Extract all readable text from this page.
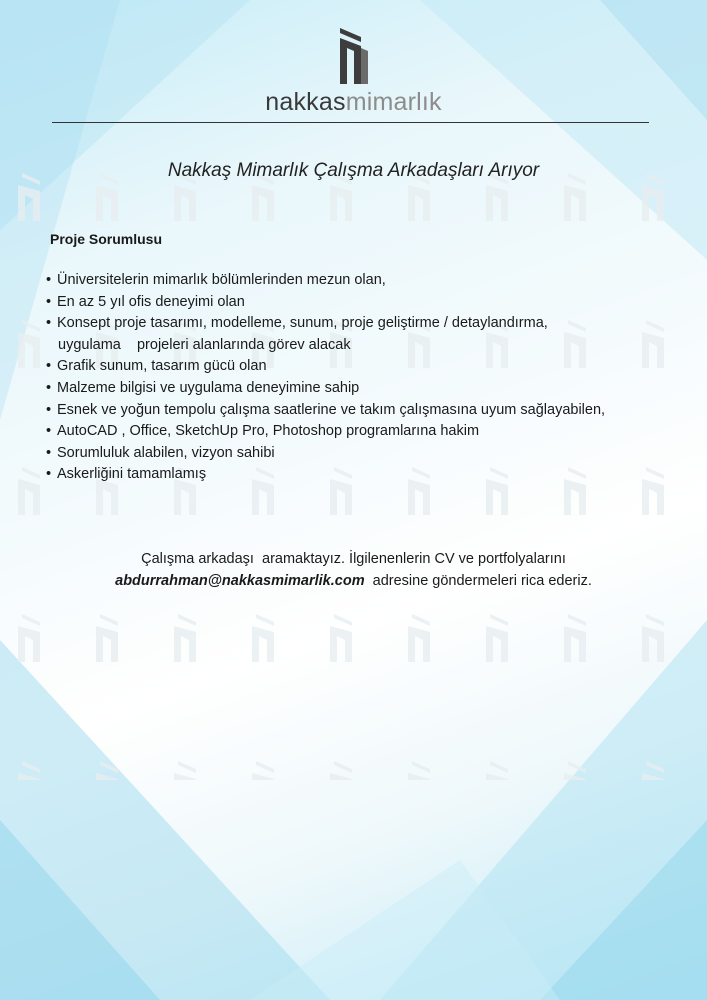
nakkasmimarlık
Nakkaş Mimarlık Çalışma Arkadaşları Arıyor
Proje Sorumlusu
• Üniversitelerin mimarlık bölümlerinden mezun olan,
• En az 5 yıl ofis deneyimi olan
• Konsept proje tasarımı, modelleme, sunum, proje geliştirme / detaylandırma,
uygulama    projeleri alanlarında görev alacak
• Grafik sunum, tasarım gücü olan
• Malzeme bilgisi ve uygulama deneyimine sahip
• Esnek ve yoğun tempolu çalışma saatlerine ve takım çalışmasına uyum sağlayabilen,
• AutoCAD , Office, SketchUp Pro, Photoshop programlarına hakim
• Sorumluluk alabilen, vizyon sahibi
• Askerliğini tamamlamış
Çalışma arkadaşı  aramaktayız. İlgilenenlerin CV ve portfolyalarını
abdurrahman@nakkasmimarlik.com  adresine göndermeleri rica ederiz.
